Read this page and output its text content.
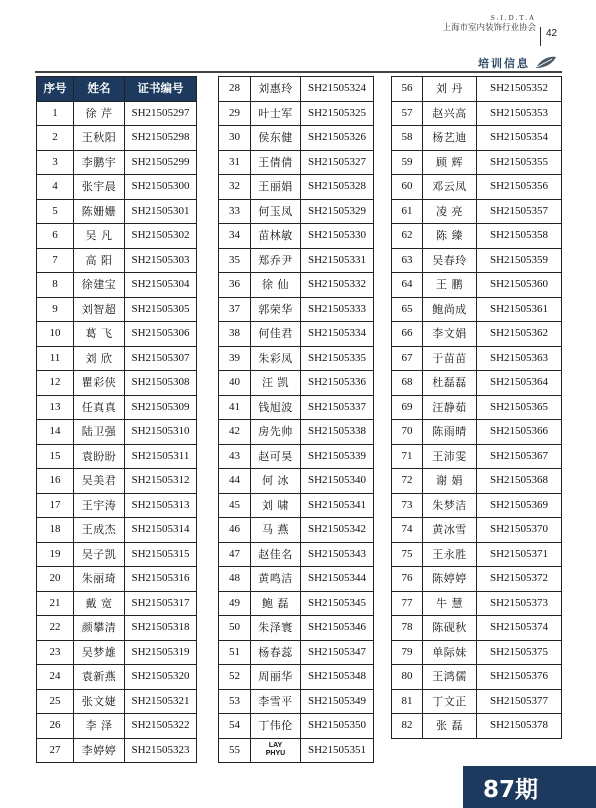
S.I.D.T.A
上海市室内装饰行业协会 42
培训信息
序号	姓名	证书编号
1	徐 芹	SH21505297
2	王秋阳	SH21505298
3	李鹏宇	SH21505299
4	张宇晨	SH21505300
5	陈姗姗	SH21505301
6	吴 凡	SH21505302
7	高 阳	SH21505303
8	徐建宝	SH21505304
9	刘智超	SH21505305
10	葛 飞	SH21505306
11	刘 欣	SH21505307
12	瞿彩侠	SH21505308
13	任真真	SH21505309
14	陆卫强	SH21505310
15	袁盼盼	SH21505311
16	吴美君	SH21505312
17	王宇涛	SH21505313
18	王成杰	SH21505314
19	吴子凯	SH21505315
20	朱丽琦	SH21505316
21	戴 宽	SH21505317
22	颜攀清	SH21505318
23	吴梦雄	SH21505319
24	袁新燕	SH21505320
25	张文婕	SH21505321
26	李 泽	SH21505322
27	李婷婷	SH21505323
28	刘惠玲	SH21505324
29	叶士军	SH21505325
30	侯东健	SH21505326
31	王倩倩	SH21505327
32	王丽娟	SH21505328
33	何玉凤	SH21505329
34	苗林敏	SH21505330
35	郑乔尹	SH21505331
36	徐 仙	SH21505332
37	郭荣华	SH21505333
38	何佳君	SH21505334
39	朱彩凤	SH21505335
40	汪 凯	SH21505336
41	钱旭波	SH21505337
42	房先帅	SH21505338
43	赵可昊	SH21505339
44	何 冰	SH21505340
45	刘 啸	SH21505341
46	马 燕	SH21505342
47	赵佳名	SH21505343
48	黄鸣洁	SH21505344
49	鲍 磊	SH21505345
50	朱泽寰	SH21505346
51	杨春蕊	SH21505347
52	周丽华	SH21505348
53	李雪平	SH21505349
54	丁伟伦	SH21505350
55	LAY
PHYU	SH21505351
56	刘 丹	SH21505352
57	赵兴高	SH21505353
58	杨艺迪	SH21505354
59	顾 辉	SH21505355
60	邓云凤	SH21505356
61	凌 亮	SH21505357
62	陈 臻	SH21505358
63	吴春玲	SH21505359
64	王 鹏	SH21505360
65	鲍尚成	SH21505361
66	李文娟	SH21505362
67	于苗苗	SH21505363
68	杜磊磊	SH21505364
69	汪静茹	SH21505365
70	陈雨晴	SH21505366
71	王沛雯	SH21505367
72	谢 娟	SH21505368
73	朱梦洁	SH21505369
74	黄冰雪	SH21505370
75	王永胜	SH21505371
76	陈婷婷	SH21505372
77	牛 慧	SH21505373
78	陈砚秋	SH21505374
79	单际妹	SH21505375
80	王鸿儒	SH21505376
81	丁文正	SH21505377
82	张 磊	SH21505378
87期
